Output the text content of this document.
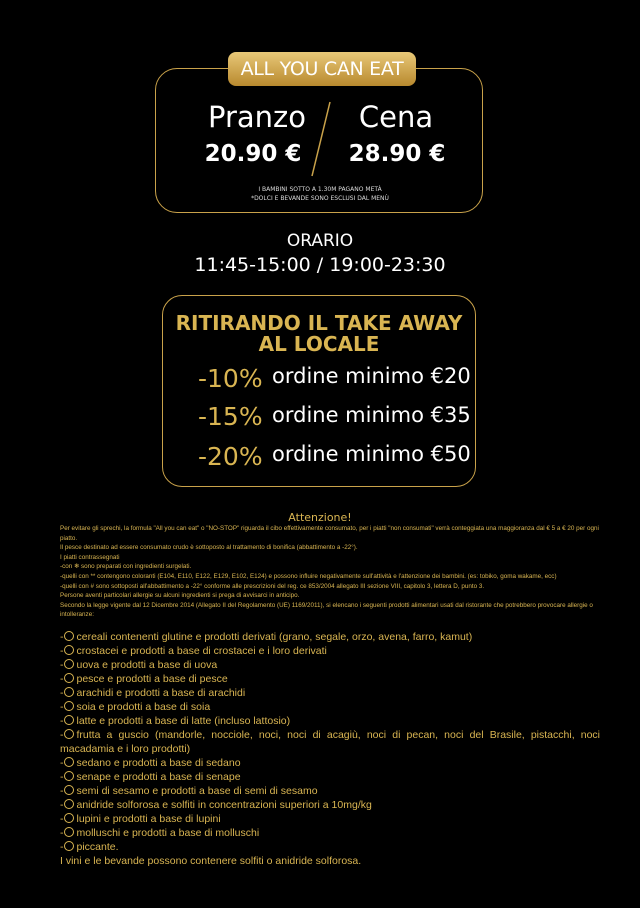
ALL YOU CAN EAT
Pranzo
20.90 €
Cena
28.90 €
I BAMBINI SOTTO A 1.30M PAGANO METÀ
*DOLCI E BEVANDE SONO ESCLUSI DAL MENÙ
ORARIO
11:45-15:00 / 19:00-23:30
RITIRANDO IL TAKE AWAY
AL LOCALE
-10% ordine minimo €20
-15% ordine minimo €35
-20% ordine minimo €50
Attenzione!
Per evitare gli sprechi, la formula "All you can eat" o "NO-STOP" riguarda il cibo effettivamente consumato, per i piatti "non consumati" verrà conteggiata una maggioranza dal € 5 a € 20 per ogni piatto.
Il pesce destinato ad essere consumato crudo è sottoposto al trattamento di bonifica (abbattimento a -22°).
I piatti contrassegnati
-con ❄ sono preparati con ingredienti surgelati.
-quelli con ** contengono coloranti (E104, E110, E122, E129, E102, E124) e possono influire negativamente sull'attività e l'attenzione dei bambini. (es: tobiko, goma wakame, ecc)
-quelli con # sono sottoposti all'abbattimento a -22° conforme alle prescrizioni del reg. ce 853/2004 allegato III sezione VIII, capitolo 3, lettera D, punto 3.
Persone aventi particolari allergie su alcuni ingredienti si prega di avvisarci in anticipo.
Secondo la legge vigente dal 12 Dicembre 2014 (Allegato II del Regolamento (UE) 1169/2011), si elencano i seguenti prodotti alimentari usati dal ristorante che potrebbero provocare allergie o intolleranze:
- cereali contenenti glutine e prodotti derivati (grano, segale, orzo, avena, farro, kamut)
- crostacei e prodotti a base di crostacei e i loro derivati
- uova e prodotti a base di uova
- pesce e prodotti a base di pesce
- arachidi e prodotti a base di arachidi
- soia e prodotti a base di soia
- latte e prodotti a base di latte (incluso lattosio)
- frutta a guscio (mandorle, nocciole, noci, noci di acagiù, noci di pecan, noci del Brasile, pistacchi, noci macadamia e i loro prodotti)
- sedano e prodotti a base di sedano
- senape e prodotti a base di senape
- semi di sesamo e prodotti a base di semi di sesamo
- anidride solforosa e solfiti in concentrazioni superiori a 10mg/kg
- lupini e prodotti a base di lupini
- molluschi e prodotti a base di molluschi
- piccante.
I vini e le bevande possono contenere solfiti o anidride solforosa.
